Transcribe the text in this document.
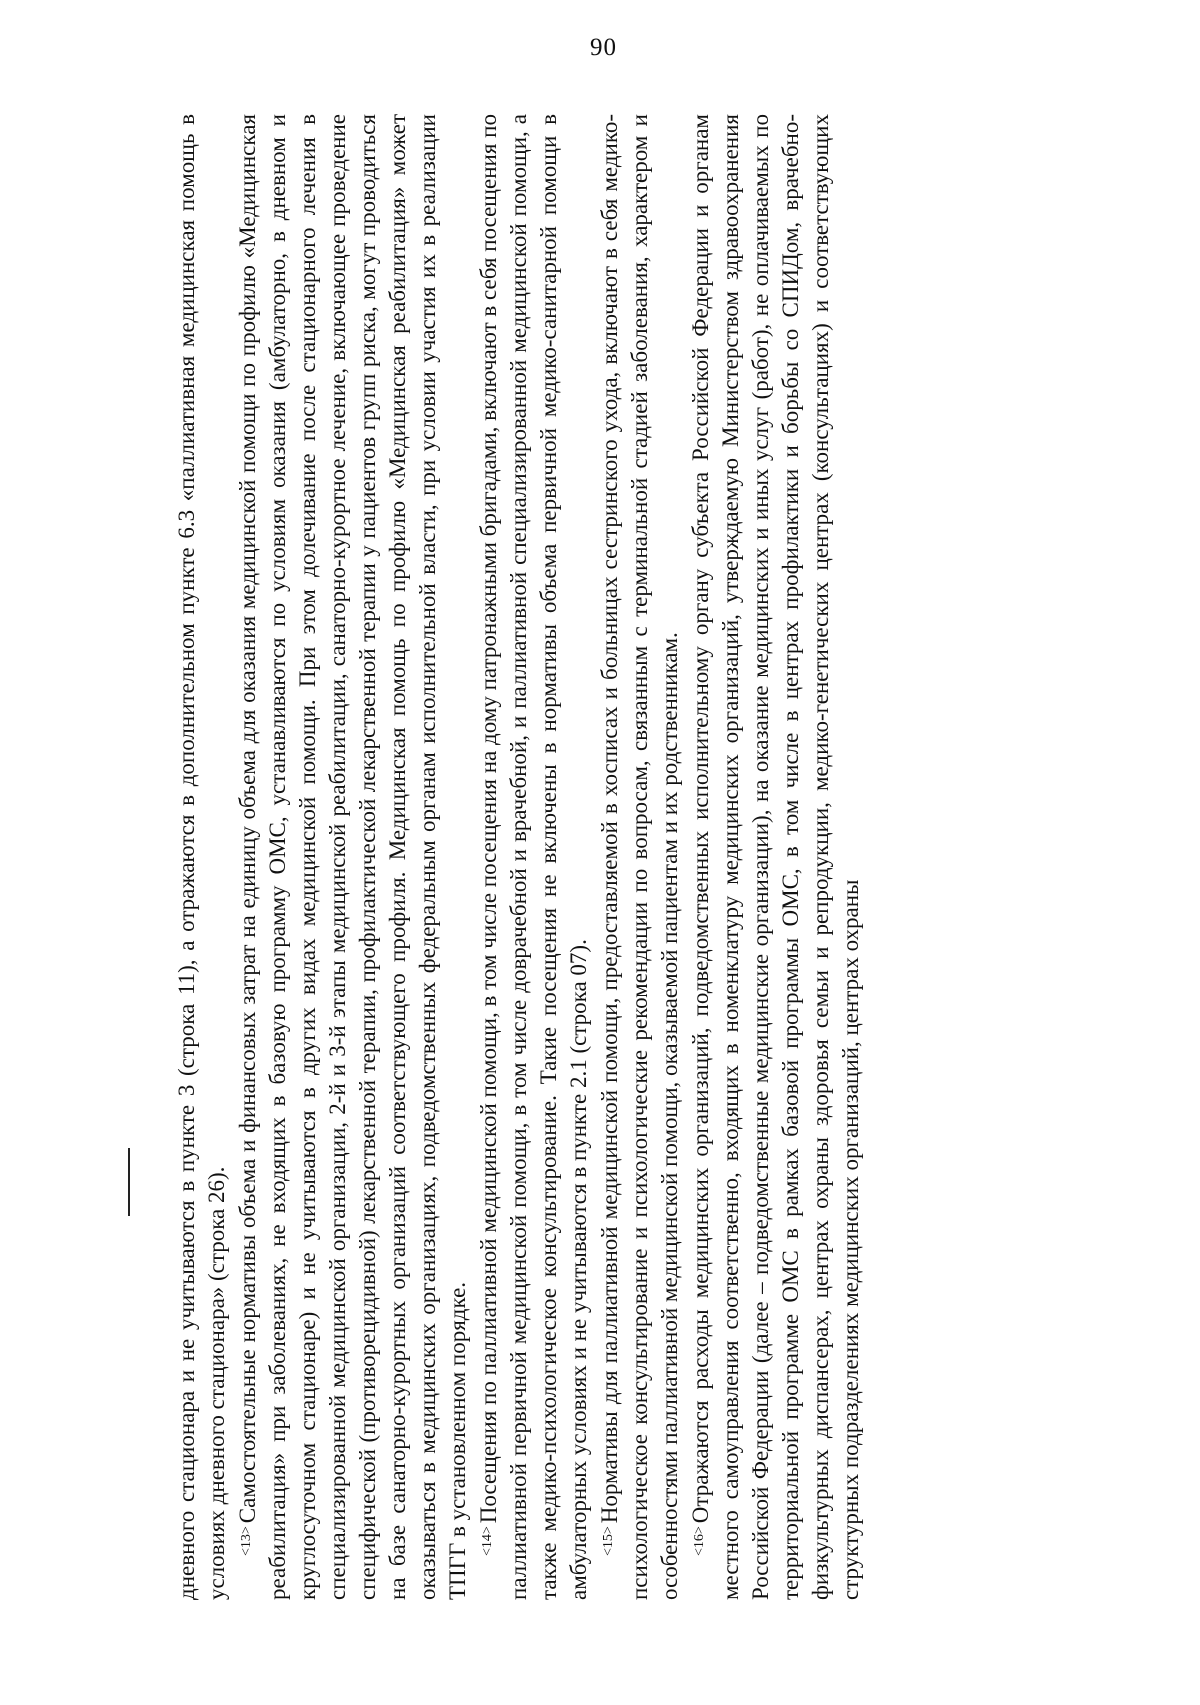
90

дневного стационара и не учитываются в пункте 3 (строка 11), а отражаются в дополнительном пункте 6.3 «паллиативная медицинская помощь в условиях дневного стационара» (строка 26). $^{<13>}$Самостоятельные нормативы объема и финансовых затрат на единицу объема для оказания медицинской помощи по профилю «Медицинская реабилитация» при заболеваниях, не входящих в базовую программу ОМС, устанавливаются по условиям оказания (амбулаторно, в дневном и круглосуточном стационаре) и не учитываются в других видах медицинской помощи. При этом долечивание после стационарного лечения в специализированной медицинской организации, 2-й и 3-й этапы медицинской реабилитации, санаторно-курортное лечение, включающее проведение специфической (противорецидивной) лекарственной терапии, профилактической лекарственной терапии у пациентов групп риска, могут проводиться на базе санаторно-курортных организаций соответствующего профиля. Медицинская помощь по профилю «Медицинская реабилитация» может оказываться в медицинских организациях, подведомственных федеральным органам исполнительной власти, при условии участия их в реализации ТПГГ в установленном порядке. $^{<14>}$Посещения по паллиативной медицинской помощи, в том числе посещения на дому патронажными бригадами, включают в себя посещения по паллиативной первичной медицинской помощи, в том числе доврачебной и врачебной, и паллиативной специализированной медицинской помощи, а также медико-психологическое консультирование. Такие посещения не включены в нормативы объема первичной медико-санитарной помощи в амбулаторных условиях и не учитываются в пункте 2.1 (строка 07). $^{<15>}$Нормативы для паллиативной медицинской помощи, предоставляемой в хосписах и больницах сестринского ухода, включают в себя медико-психологическое консультирование и психологические рекомендации по вопросам, связанным с терминальной стадией заболевания, характером и особенностями паллиативной медицинской помощи, оказываемой пациентам и их родственникам. $^{<16>}$Отражаются расходы медицинских организаций, подведомственных исполнительному органу субъекта Российской Федерации и органам местного самоуправления соответственно, входящих в номенклатуру медицинских организаций, утверждаемую Министерством здравоохранения Российской Федерации (далее – подведомственные медицинские организации), на оказание медицинских и иных услуг (работ), не оплачиваемых по территориальной программе ОМС в рамках базовой программы ОМС, в том числе в центрах профилактики и борьбы со СПИДом, врачебно-физкультурных диспансерах, центрах охраны здоровья семьи и репродукции, медико-генетических центрах (консультациях) и соответствующих структурных подразделениях медицинских организаций, центрах охраны
